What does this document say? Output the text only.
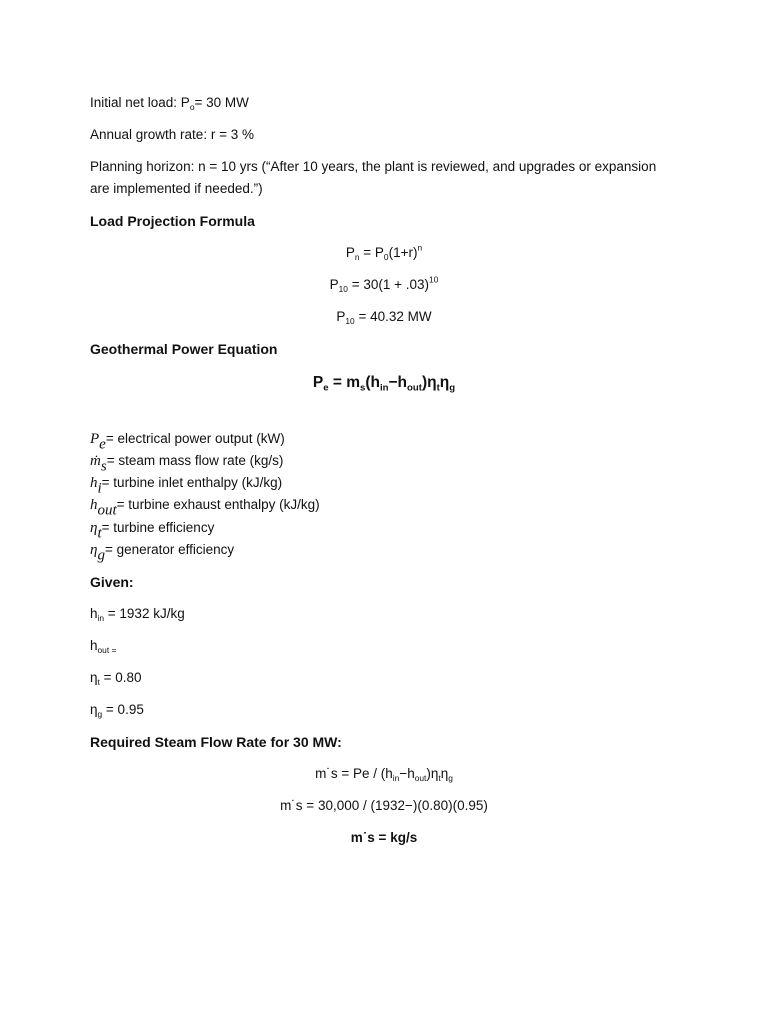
Initial net load: $P_o= 30$ MW
Annual growth rate: r = 3 %
Planning horizon: n = 10 yrs (“After 10 years, the plant is reviewed, and upgrades or expansion
are implemented if needed.”)
Load Projection Formula
$P_n = P_0(1+r)^n$
$P_{10} = 30(1 + .03)^{10}$
$P_{10} = 40.32$ MW
Geothermal Power Equation
$P_e = m_s(h_{in}-h_{out})\eta_t\eta_g$
$P_e=$ electrical power output (kW)
ṁ$_s$= steam mass flow rate (kg/s)
$h_i=$ turbine inlet enthalpy (kJ/kg)
$h_{out}=$ turbine exhaust enthalpy (kJ/kg)
$\eta_t=$ turbine efficiency
$\eta_g=$ generator efficiency
Given:
$h_{in} = 1932$ kJ/kg
$h_{out =}$
$\eta_t = 0.80$
$\eta_g = 0.95$
Required Steam Flow Rate for 30 MW:
m˙s = $Pe / (h_{in}-h_{out})\eta_t\eta_g$
m˙s = 30,000 / (1932−)(0.80)(0.95)
m˙s = kg/s
